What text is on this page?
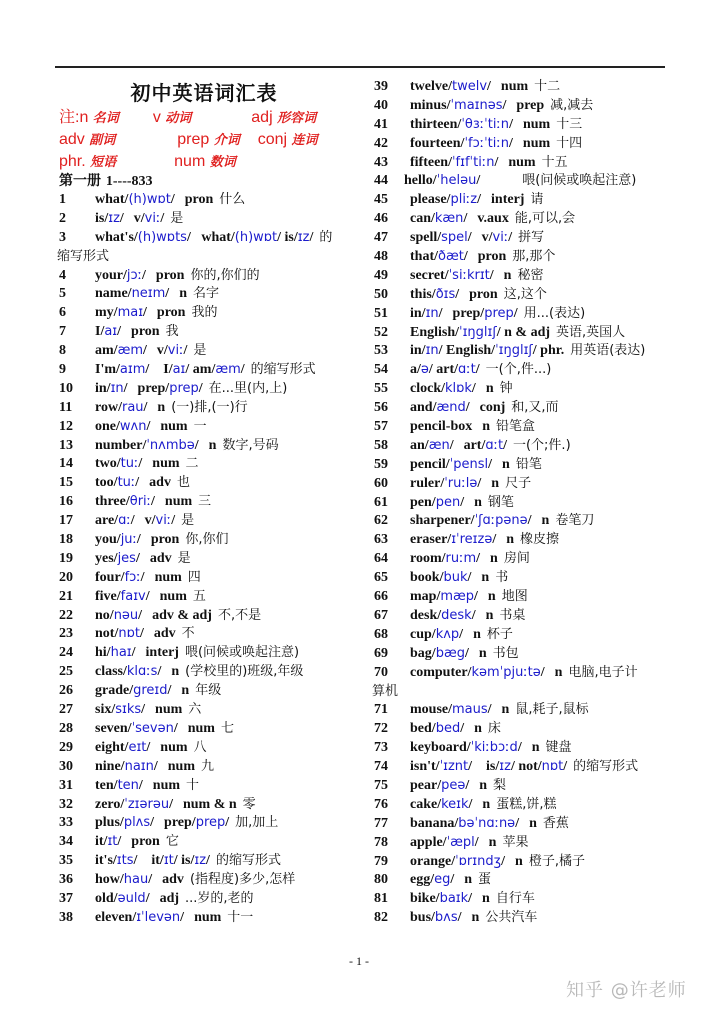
初中英语词汇表
注:n 名词 v 动词	adj 形容词
adv 副词	prep 介词 conj 连词
phr. 短语	num 数词
第一册 1----833
1 what/(h)wɒt/ pron 什么
2 is/ɪz/ v/viː/ 是
3 what's/(h)wɒts/   what/(h)wɒt/ is/ɪz/ 的
缩写形式
4 your/jɔː/ pron 你的,你们的
5 name/neɪm/ n 名字
6 my/maɪ/ pron 我的
7 I/aɪ/ pron 我
8 am/æm/ v/viː/ 是
9 I'm/aɪm/    I/aɪ/ am/æm/ 的缩写形式
10 in/ɪn/ prep/prep/ 在...里(内,上)
11 row/rau/ n (一)排,(一)行
12 one/wʌn/ num 一
13 number/ˈnʌmbə/ n 数字,号码
14 two/tuː/ num 二
15 too/tuː/ adv 也
16 three/θriː/ num 三
17 are/ɑː/ v/viː/ 是
18 you/juː/ pron 你,你们
19 yes/jes/ adv 是
20 four/fɔː/ num 四
21 five/faɪv/ num 五
22 no/nəu/ adv & adj 不,不是
23 not/nɒt/ adv 不
24 hi/haɪ/ interj 喂(问候或唤起注意)
25 class/klɑːs/ n (学校里的)班级,年级
26 grade/greɪd/ n 年级
27 six/sɪks/ num 六
28 seven/ˈsevən/ num 七
29 eight/eɪt/ num 八
30 nine/naɪn/ num 九
31 ten/ten/ num 十
32 zero/ˈzɪərəu/ num & n 零
33 plus/plʌs/ prep/prep/ 加,加上
34 it/ɪt/ pron 它
35 it's/ɪts/    it/ɪt/ is/ɪz/ 的缩写形式
36 how/hau/ adv (指程度)多少,怎样
37 old/əuld/ adj ...岁的,老的
38 eleven/ɪˈlevən/ num 十一
39 twelve/twelv/ num 十二
40 minus/ˈmaɪnəs/ prep 减,减去
41 thirteen/ˈθɜːˈtiːn/ num 十三
42 fourteen/ˈfɔːˈtiːn/ num 十四
43 fifteen/ˈfɪfˈtiːn/ num 十五
44 hello/ˈheləu/	喂(问候或唤起注意)
45 please/pliːz/ interj 请
46 can/kæn/ v.aux 能,可以,会
47 spell/spel/ v/viː/ 拼写
48 that/ðæt/ pron 那,那个
49 secret/ˈsiːkrɪt/ n 秘密
50 this/ðɪs/ pron 这,这个
51 in/ɪn/ prep/prep/ 用...(表达)
52 English/ˈɪŋglɪʃ/ n & adj 英语,英国人
53 in/ɪn/ English/ˈɪŋglɪʃ/ phr. 用英语(表达)
54 a/ə/ art/ɑːt/ 一(个,件...)
55 clock/klɒk/ n 钟
56 and/ænd/ conj 和,又,而
57 pencil-box n 铅笔盒
58 an/æn/ art/ɑːt/ 一(个;件.)
59 pencil/ˈpensl/ n 铅笔
60 ruler/ˈruːlə/ n 尺子
61 pen/pen/ n 钢笔
62 sharpener/ˈʃɑːpənə/ n 卷笔刀
63 eraser/ɪˈreɪzə/ n 橡皮擦
64 room/ruːm/ n 房间
65 book/buk/ n 书
66 map/mæp/ n 地图
67 desk/desk/ n 书桌
68 cup/kʌp/ n 杯子
69 bag/bæg/ n 书包
70 computer/kəmˈpjuːtə/ n 电脑,电子计
算机
71 mouse/maus/ n 鼠,耗子,鼠标
72 bed/bed/ n 床
73 keyboard/ˈkiːbɔːd/ n 键盘
74 isn't/ˈɪznt/    is/ɪz/ not/nɒt/ 的缩写形式
75 pear/peə/ n 梨
76 cake/keɪk/ n 蛋糕,饼,糕
77 banana/bəˈnɑːnə/ n 香蕉
78 apple/ˈæpl/ n 苹果
79 orange/ˈɒrɪndʒ/ n 橙子,橘子
80 egg/eg/ n 蛋
81 bike/baɪk/ n 自行车
82 bus/bʌs/ n 公共汽车
- 1 -
知乎 @许老师
